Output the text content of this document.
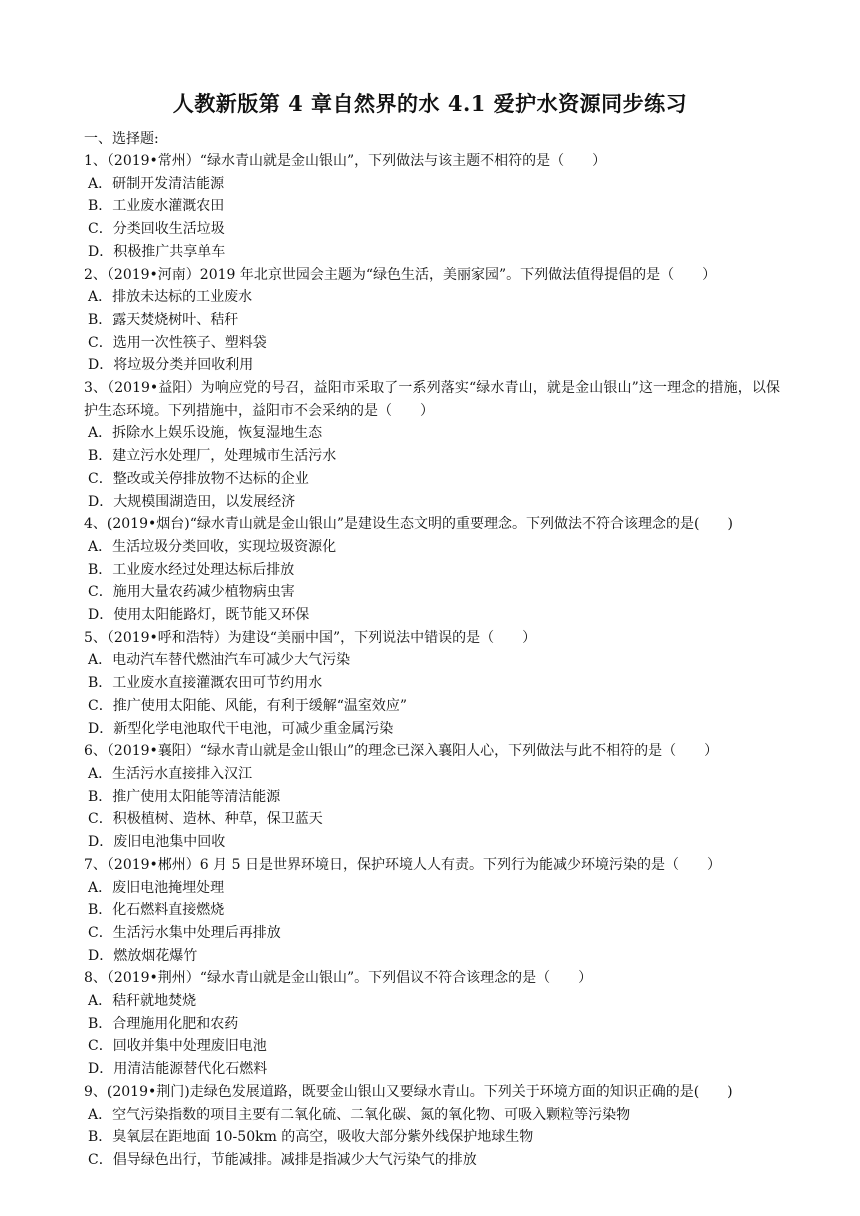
人教新版第 4 章自然界的水 4.1 爱护水资源同步练习
一、选择题:
1、（2019•常州）“绿水青山就是金山银山”，下列做法与该主题不相符的是（　　）
A．研制开发清洁能源
B．工业废水灌溉农田
C．分类回收生活垃圾
D．积极推广共享单车
2、（2019•河南）2019 年北京世园会主题为“绿色生活，美丽家园”。下列做法值得提倡的是（　　）
A．排放未达标的工业废水
B．露天焚烧树叶、秸秆
C．选用一次性筷子、塑料袋
D．将垃圾分类并回收利用
3、（2019•益阳）为响应党的号召，益阳市采取了一系列落实“绿水青山，就是金山银山”这一理念的措施，以保护生态环境。下列措施中，益阳市不会采纳的是（　　）
A．拆除水上娱乐设施，恢复湿地生态
B．建立污水处理厂，处理城市生活污水
C．整改或关停排放物不达标的企业
D．大规模围湖造田，以发展经济
4、(2019•烟台)“绿水青山就是金山银山”是建设生态文明的重要理念。下列做法不符合该理念的是(　　)
A．生活垃圾分类回收，实现垃圾资源化
B．工业废水经过处理达标后排放
C．施用大量农药减少植物病虫害
D．使用太阳能路灯，既节能又环保
5、（2019•呼和浩特）为建设“美丽中国”，下列说法中错误的是（　　）
A．电动汽车替代燃油汽车可减少大气污染
B．工业废水直接灌溉农田可节约用水
C．推广使用太阳能、风能，有利于缓解“温室效应”
D．新型化学电池取代干电池，可减少重金属污染
6、（2019•襄阳）“绿水青山就是金山银山”的理念已深入襄阳人心，下列做法与此不相符的是（　　）
A．生活污水直接排入汉江
B．推广使用太阳能等清洁能源
C．积极植树、造林、种草，保卫蓝天
D．废旧电池集中回收
7、（2019•郴州）6 月 5 日是世界环境日，保护环境人人有责。下列行为能减少环境污染的是（　　）
A．废旧电池掩埋处理
B．化石燃料直接燃烧
C．生活污水集中处理后再排放
D．燃放烟花爆竹
8、（2019•荆州）“绿水青山就是金山银山”。下列倡议不符合该理念的是（　　）
A．秸秆就地焚烧
B．合理施用化肥和农药
C．回收并集中处理废旧电池
D．用清洁能源替代化石燃料
9、(2019•荆门)走绿色发展道路，既要金山银山又要绿水青山。下列关于环境方面的知识正确的是(　　)
A．空气污染指数的项目主要有二氧化硫、二氧化碳、氮的氧化物、可吸入颗粒等污染物
B．臭氧层在距地面 10-50km 的高空，吸收大部分紫外线保护地球生物
C．倡导绿色出行，节能减排。减排是指减少大气污染气的排放
